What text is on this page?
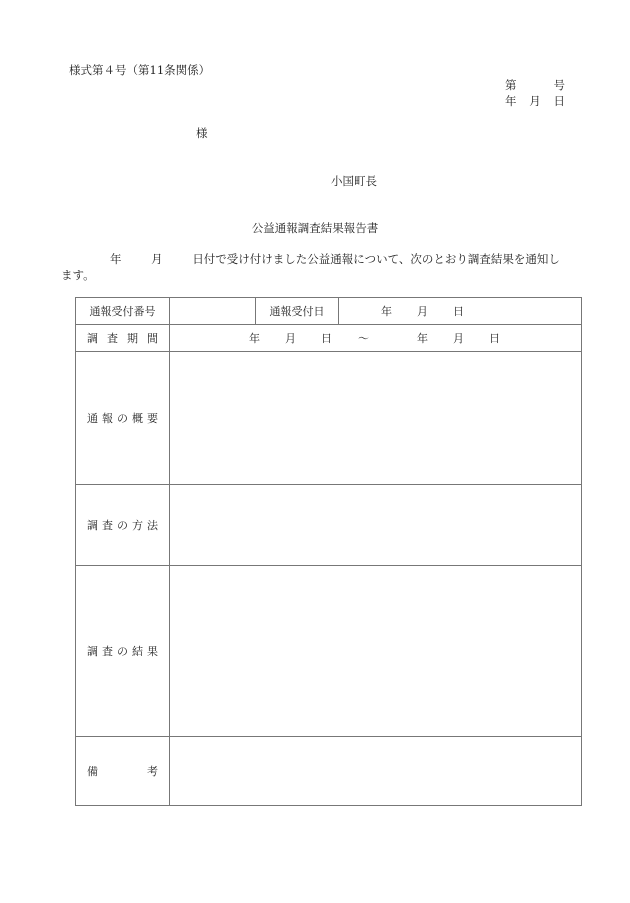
様式第４号（第11条関係）
第	号
年 月 日
様
小国町長
公益通報調査結果報告書
年	月	日付で受け付けました公益通報について、次のとおり調査結果を通知し
ます。
通報受付番号		通報受付日	年 月 日

調 査 期 間	年 月 日 ～	年 月 日

通 報 の 概 要			

調 査 の 方 法			

調 査 の 結 果			

備 考			
